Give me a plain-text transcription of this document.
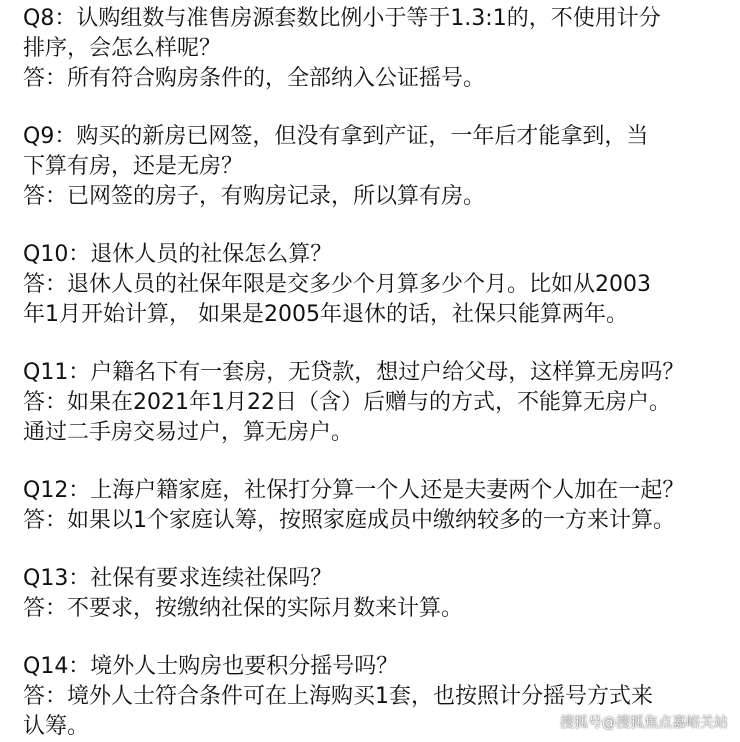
Q8：认购组数与准售房源套数比例小于等于1.3:1的，不使用计分
排序，会怎么样呢？
答：所有符合购房条件的，全部纳入公证摇号。
Q9：购买的新房已网签，但没有拿到产证，一年后才能拿到，当
下算有房，还是无房？
答：已网签的房子，有购房记录，所以算有房。
Q10：退休人员的社保怎么算？
答：退休人员的社保年限是交多少个月算多少个月。比如从2003
年1月开始计算， 如果是2005年退休的话，社保只能算两年。
Q11：户籍名下有一套房，无贷款，想过户给父母，这样算无房吗？
答：如果在2021年1月22日（含）后赠与的方式，不能算无房户。
通过二手房交易过户，算无房户。
Q12：上海户籍家庭，社保打分算一个人还是夫妻两个人加在一起？
答：如果以1个家庭认筹，按照家庭成员中缴纳较多的一方来计算。
Q13：社保有要求连续社保吗？
答：不要求，按缴纳社保的实际月数来计算。
Q14：境外人士购房也要积分摇号吗？
答：境外人士符合条件可在上海购买1套，也按照计分摇号方式来
认筹。	搜狐号@搜狐焦点嘉峪关站
